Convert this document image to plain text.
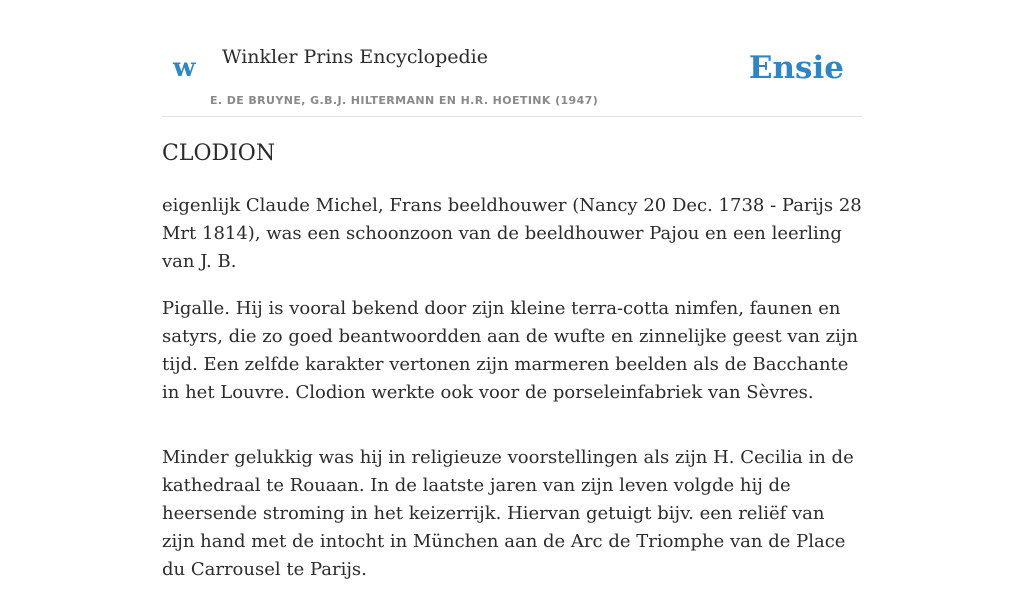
w Winkler Prins Encyclopedie
E. DE BRUYNE, G.B.J. HILTERMANN EN H.R. HOETINK (1947)
Ensie
CLODION

eigenlijk Claude Michel, Frans beeldhouwer (Nancy 20 Dec. 1738 - Parijs 28 Mrt 1814), was een schoonzoon van de beeldhouwer Pajou en een leerling van J. B.

Pigalle. Hij is vooral bekend door zijn kleine terra-cotta nimfen, faunen en satyrs, die zo goed beantwoordden aan de wufte en zinnelijke geest van zijn tijd. Een zelfde karakter vertonen zijn marmeren beelden als de Bacchante in het Louvre. Clodion werkte ook voor de porseleinfabriek van Sèvres.

Minder gelukkig was hij in religieuze voorstellingen als zijn H. Cecilia in de kathedraal te Rouaan. In de laatste jaren van zijn leven volgde hij de heersende stroming in het keizerrijk. Hiervan getuigt bijv. een reliëf van zijn hand met de intocht in München aan de Arc de Triomphe van de Place du Carrousel te Parijs.
